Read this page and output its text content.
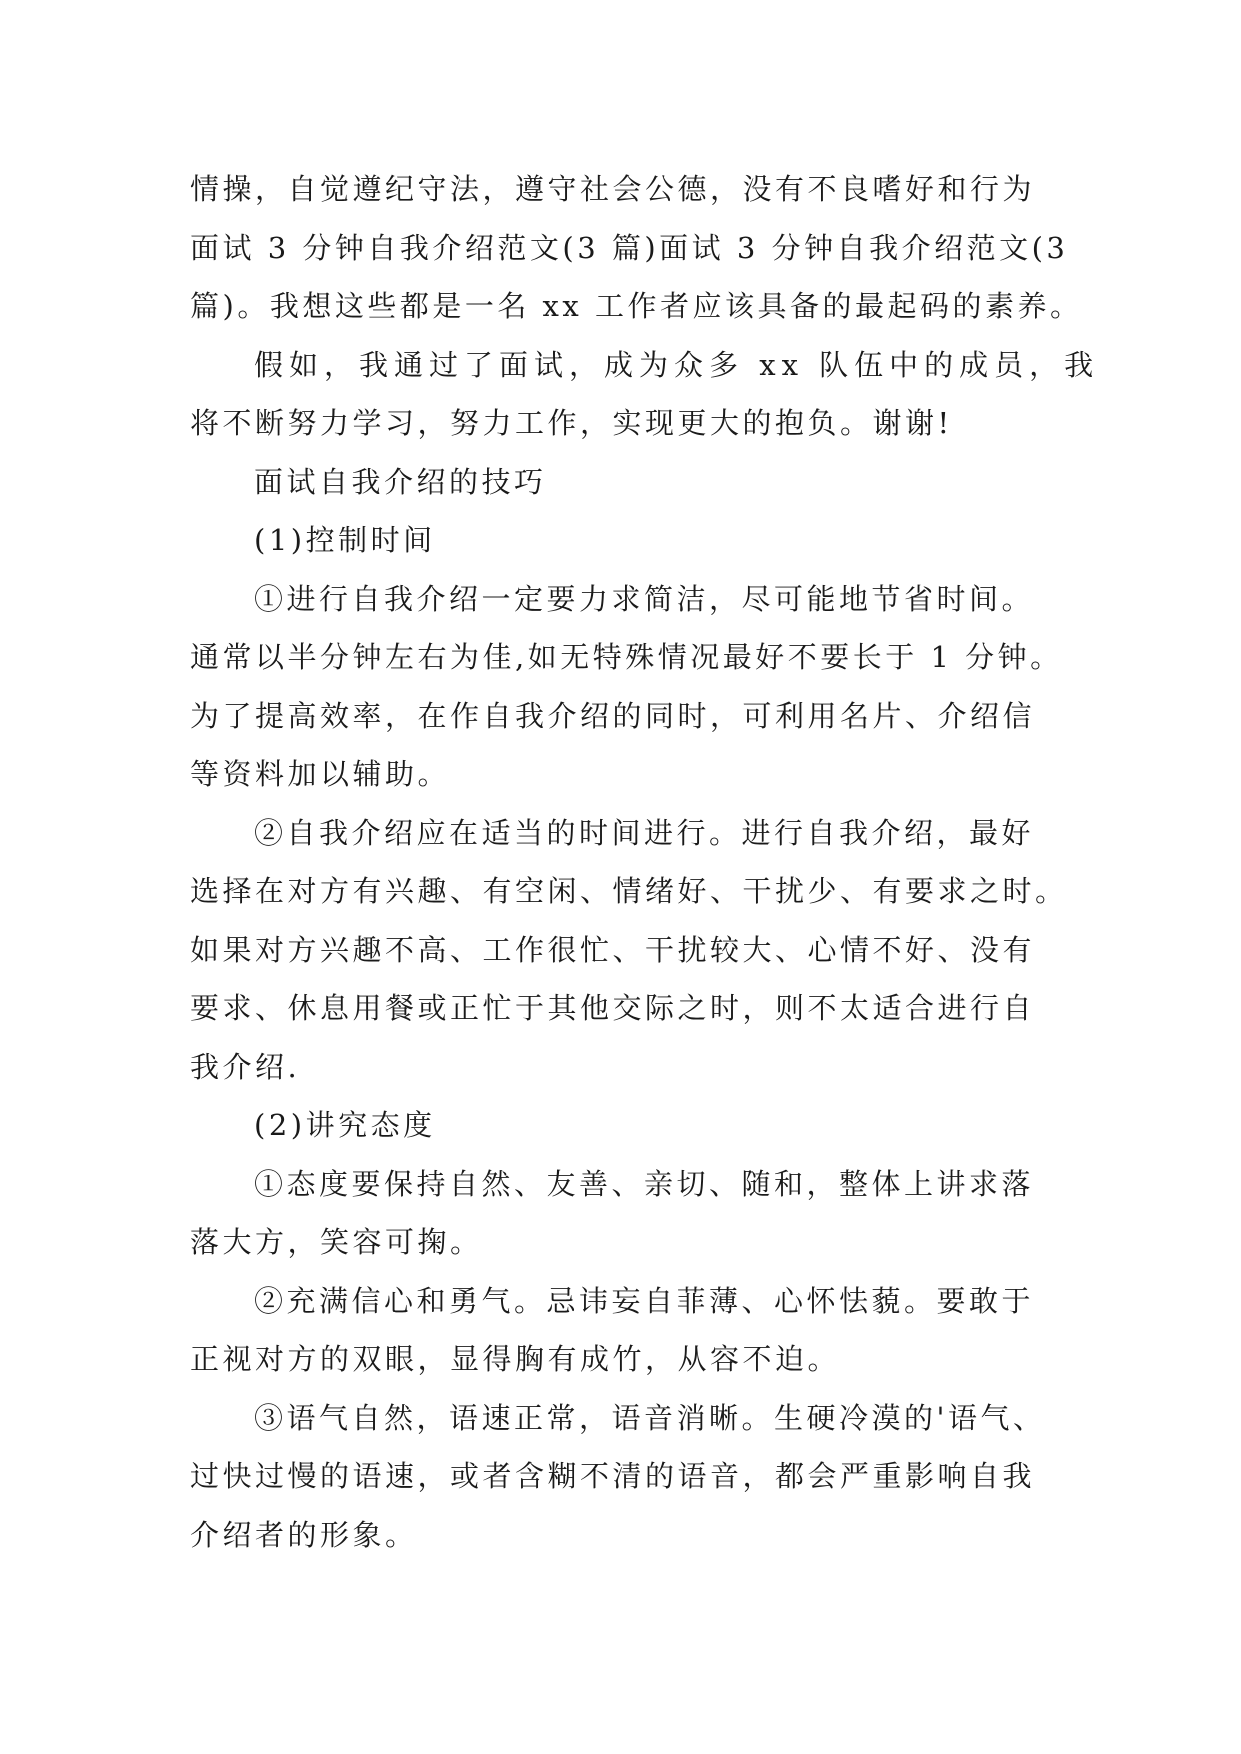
情操，自觉遵纪守法，遵守社会公德，没有不良嗜好和行为
面试 3 分钟自我介绍范文(3 篇)面试 3 分钟自我介绍范文(3
篇)。我想这些都是一名 xx 工作者应该具备的最起码的素养。
假如，我通过了面试，成为众多 xx 队伍中的成员，我
将不断努力学习，努力工作，实现更大的抱负。谢谢!
面试自我介绍的技巧
(1)控制时间
①进行自我介绍一定要力求简洁，尽可能地节省时间。
通常以半分钟左右为佳,如无特殊情况最好不要长于 1 分钟。
为了提高效率，在作自我介绍的同时，可利用名片、介绍信
等资料加以辅助。
②自我介绍应在适当的时间进行。进行自我介绍，最好
选择在对方有兴趣、有空闲、情绪好、干扰少、有要求之时。
如果对方兴趣不高、工作很忙、干扰较大、心情不好、没有
要求、休息用餐或正忙于其他交际之时，则不太适合进行自
我介绍.
(2)讲究态度
①态度要保持自然、友善、亲切、随和，整体上讲求落
落大方，笑容可掬。
②充满信心和勇气。忌讳妄自菲薄、心怀怯藐。要敢于
正视对方的双眼，显得胸有成竹，从容不迫。
③语气自然，语速正常，语音消晰。生硬冷漠的'语气、
过快过慢的语速，或者含糊不清的语音，都会严重影响自我
介绍者的形象。
